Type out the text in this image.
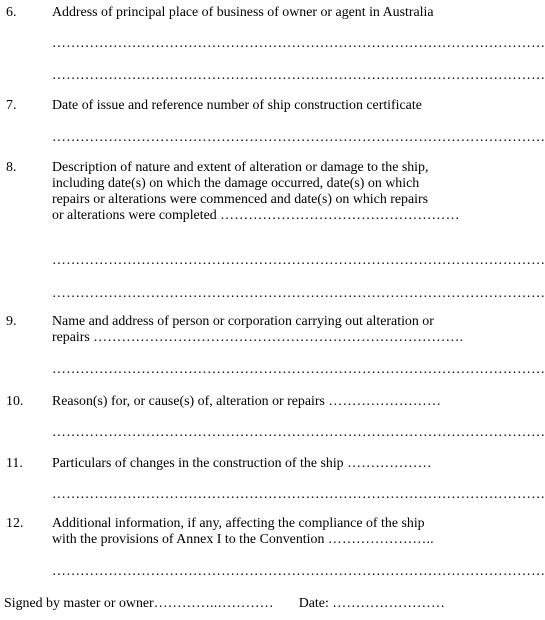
6.	Address of principal place of business of owner or agent in Australia
……………………………………………………………………………………………
……………………………………………………………………………………………
7.	Date of issue and reference number of ship construction certificate
……………………………………………………………………………………………
8.	Description of nature and extent of alteration or damage to the ship,
including date(s) on which the damage occurred, date(s) on which
repairs or alterations were commenced and date(s) on which repairs
or alterations were completed ……………………………………………
……………………………………………………………………………………………
……………………………………………………………………………………………
9.	Name and address of person or corporation carrying out alteration or
repairs …………………………………………………………………….
……………………………………………………………………………………………
10. Reason(s) for, or cause(s) of, alteration or repairs ……………………
……………………………………………………………………………………………
11. Particulars of changes in the construction of the ship ………………
……………………………………………………………………………………………
12. Additional information, if any, affecting the compliance of the ship
with the provisions of Annex I to the Convention …………………..
……………………………………………………………………………………………
Signed by master or owner…………..………… Date: ……………………
